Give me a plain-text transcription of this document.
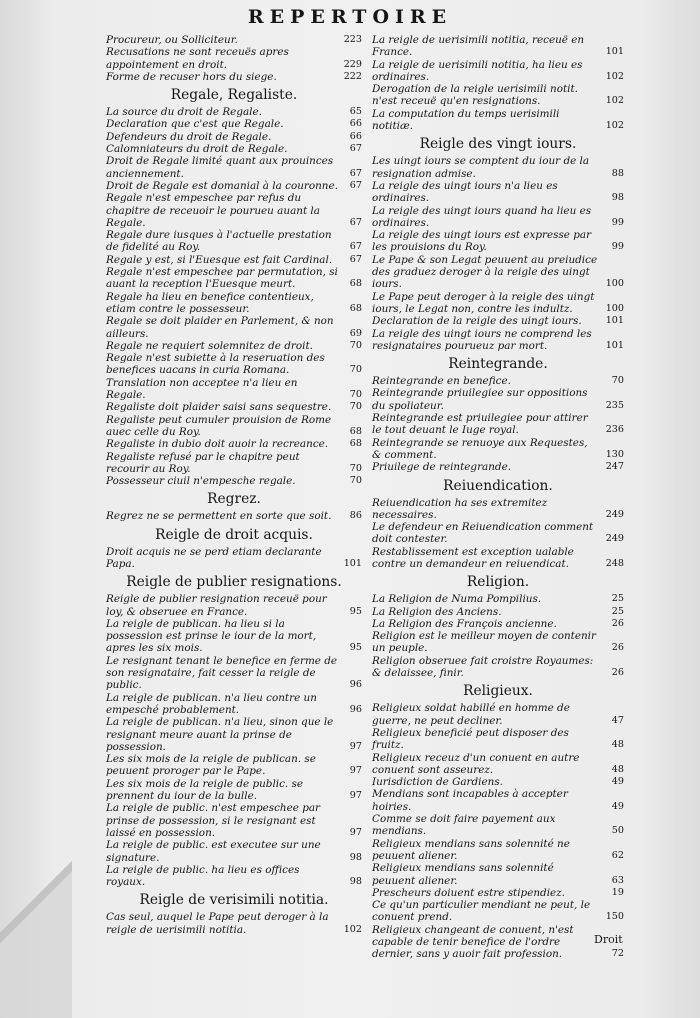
REPERTOIRE
Procureur, ou Solliciteur.	223
Recusations ne sont receuës apres appointement en droit.	229
Forme de recuser hors du siege.	222
Regale, Regaliste.
La source du droit de Regale.	65
Declaration que c'est que Regale.	66
Defendeurs du droit de Regale.	66
Calomniateurs du droit de Regale.	67
Droit de Regale limité quant aux prouinces anciennement.	67
Droit de Regale est domanial à la couronne. 67
Regale n'est empeschee par refus du chapitre de receuoir le pourueu auant la Regale.	67
Regale dure iusques à l'actuelle prestation de fidelité au Roy.	67
Regale y est, si l'Euesque est fait Cardinal. 67
Regale n'est empeschee par permutation, si auant la reception l'Euesque meurt.	68
Regale ha lieu en benefice contentieux, etiam contre le possesseur.	68
Regale se doit plaider en Parlement, & non ailleurs.	69
Regale ne requiert solemnitez de droit.	70
Regale n'est subiette à la reseruation des benefices uacans in curia Romana.	70
Translation non acceptee n'a lieu en Regale.	70
Regaliste doit plaider saisi sans sequestre. 70
Regaliste peut cumuler prouision de Rome auec celle du Roy.	68
Regaliste in dubio doit auoir la recreance. 68
Regaliste refusé par le chapitre peut recourir au Roy.	70
Possesseur ciuil n'empesche regale.	70
Regrez.
Regrez ne se permettent en sorte que soit. 86
Reigle de droit acquis.
Droit acquis ne se perd etiam declarante Papa.	101
Reigle de publier resignations.
Reigle de publier resignation receuë pour loy, & obseruee en France.	95
La reigle de publican. ha lieu si la possession est prinse le iour de la mort, apres les six mois.	95
Le resignant tenant le benefice en ferme de son resignataire, fait cesser la reigle de public.	96
La reigle de publican. n'a lieu contre un empesché probablement.	96
La reigle de publican. n'a lieu, sinon que le resignant meure auant la prinse de possession.	97
Les six mois de la reigle de publican. se peuuent proroger par le Pape.	97
Les six mois de la reigle de public. se prennent du iour de la bulle.	97
La reigle de public. n'est empeschee par prinse de possession, si le resignant est laissé en possession.	97
La reigle de public. est executee sur une signature.	98
La reigle de public. ha lieu es offices royaux.	98
Reigle de verisimili notitia.
Cas seul, auquel le Pape peut deroger à la reigle de uerisimili notitia.	102
La reigle de uerisimili notitia, receuë en France.	101
La reigle de uerisimili notitia, ha lieu es ordinaires.	102
Derogation de la reigle uerisimili notit. n'est receuë qu'en resignations.	102
La computation du temps uerisimili notitiæ.	102
Reigle des vingt iours.
Les uingt iours se comptent du iour de la resignation admise.	88
La reigle des uingt iours n'a lieu es ordinaires.	98
La reigle des uingt iours quand ha lieu es ordinaires.	99
La reigle des uingt iours est expresse par les prouisions du Roy.	99
Le Pape & son Legat peuuent au preiudice des graduez deroger à la reigle des uingt iours.	100
Le Pape peut deroger à la reigle des uingt iours, le Legat non, contre les indultz.	100
Declaration de la reigle des uingt iours.	101
La reigle des uingt iours ne comprend les resignataires pourueuz par mort.	101
Reintegrande.
Reintegrande en benefice.	70
Reintegrande priuilegiee sur oppositions du spoliateur.	235
Reintegrande est priuilegiee pour attirer le tout deuant le Iuge royal.	236
Reintegrande se renuoye aux Requestes, & comment.	130
Priuilege de reintegrande.	247
Reiuendication.
Reiuendication ha ses extremitez necessaires.	249
Le defendeur en Reiuendication comment doit contester.	249
Restablissement est exception ualable contre un demandeur en reiuendicat.	248
Religion.
La Religion de Numa Pompilius.	25
La Religion des Anciens.	25
La Religion des François ancienne.	26
Religion est le meilleur moyen de contenir un peuple.	26
Religion obseruee fait croistre Royaumes: & delaissee, finir.	26
Religieux.
Religieux soldat habillé en homme de guerre, ne peut decliner.	47
Religieux beneficié peut disposer des fruitz.	48
Religieux receuz d'un conuent en autre conuent sont asseurez.	48
Iurisdiction de Gardiens.	49
Mendians sont incapables à accepter hoiries.	49
Comme se doit faire payement aux mendians.	50
Religieux mendians sans solennité ne peuuent aliener.	62
Religieux mendians sans solennité peuuent aliener.	63
Prescheurs doiuent estre stipendiez.	19
Ce qu'un particulier mendiant ne peut, le conuent prend.	150
Religieux changeant de conuent, n'est capable de tenir benefice de l'ordre dernier, sans y auoir fait profession.	72
Droit
